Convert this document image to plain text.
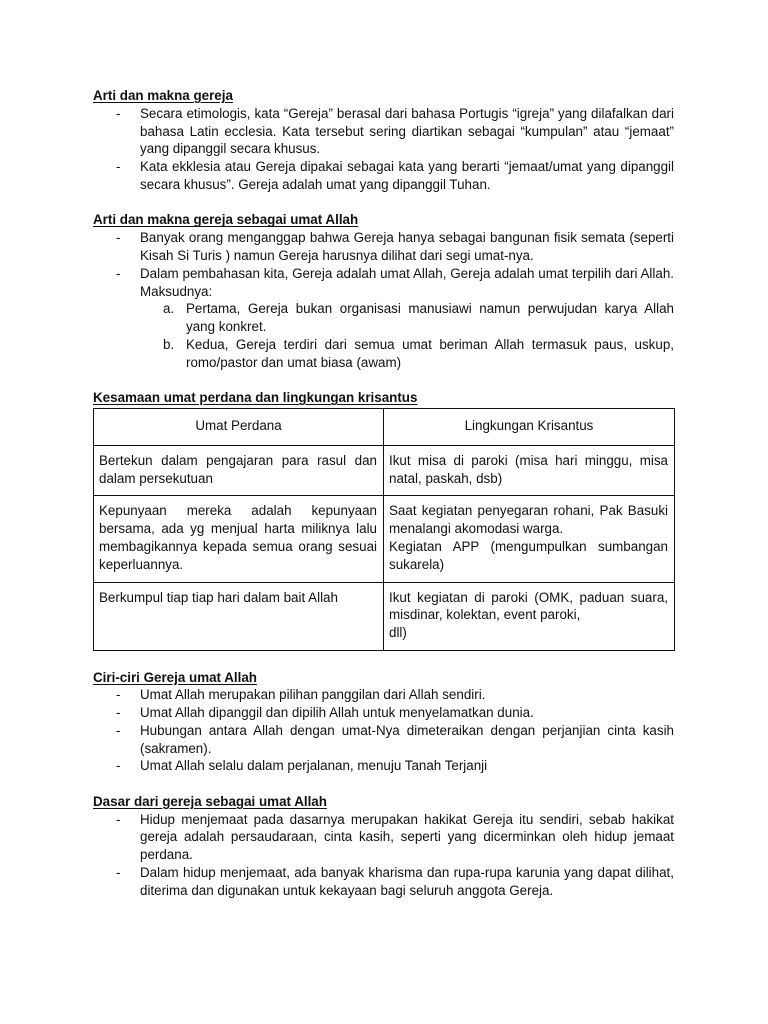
Arti dan makna gereja
- Secara etimologis, kata “Gereja” berasal dari bahasa Portugis “igreja” yang dilafalkan dari bahasa Latin ecclesia. Kata tersebut sering diartikan sebagai “kumpulan” atau “jemaat” yang dipanggil secara khusus.
- Kata ekklesia atau Gereja dipakai sebagai kata yang berarti “jemaat/umat yang dipanggil secara khusus”. Gereja adalah umat yang dipanggil Tuhan.
Arti dan makna gereja sebagai umat Allah
- Banyak orang menganggap bahwa Gereja hanya sebagai bangunan fisik semata (seperti Kisah Si Turis ) namun Gereja harusnya dilihat dari segi umat-nya.
- Dalam pembahasan kita, Gereja adalah umat Allah, Gereja adalah umat terpilih dari Allah. Maksudnya:
a. Pertama, Gereja bukan organisasi manusiawi namun perwujudan karya Allah yang konkret.
b. Kedua, Gereja terdiri dari semua umat beriman Allah termasuk paus, uskup, romo/pastor dan umat biasa (awam)
Kesamaan umat perdana dan lingkungan krisantus
Umat Perdana	Lingkungan Krisantus
Bertekun dalam pengajaran para rasul dan dalam persekutuan	Ikut misa di paroki (misa hari minggu, misa natal, paskah, dsb)
Kepunyaan mereka adalah kepunyaan bersama, ada yg menjual harta miliknya lalu membagikannya kepada semua orang sesuai keperluannya.	Saat kegiatan penyegaran rohani, Pak Basuki menalangi akomodasi warga.
Kegiatan APP (mengumpulkan sumbangan sukarela)

Berkumpul tiap tiap hari dalam bait Allah	Ikut kegiatan di paroki (OMK, paduan suara, misdinar, kolektan, event paroki,
dll)
Ciri-ciri Gereja umat Allah
- Umat Allah merupakan pilihan panggilan dari Allah sendiri.
- Umat Allah dipanggil dan dipilih Allah untuk menyelamatkan dunia.
- Hubungan antara Allah dengan umat-Nya dimeteraikan dengan perjanjian cinta kasih (sakramen).
- Umat Allah selalu dalam perjalanan, menuju Tanah Terjanji
Dasar dari gereja sebagai umat Allah
- Hidup menjemaat pada dasarnya merupakan hakikat Gereja itu sendiri, sebab hakikat gereja adalah persaudaraan, cinta kasih, seperti yang dicerminkan oleh hidup jemaat perdana.
- Dalam hidup menjemaat, ada banyak kharisma dan rupa-rupa karunia yang dapat dilihat, diterima dan digunakan untuk kekayaan bagi seluruh anggota Gereja.
